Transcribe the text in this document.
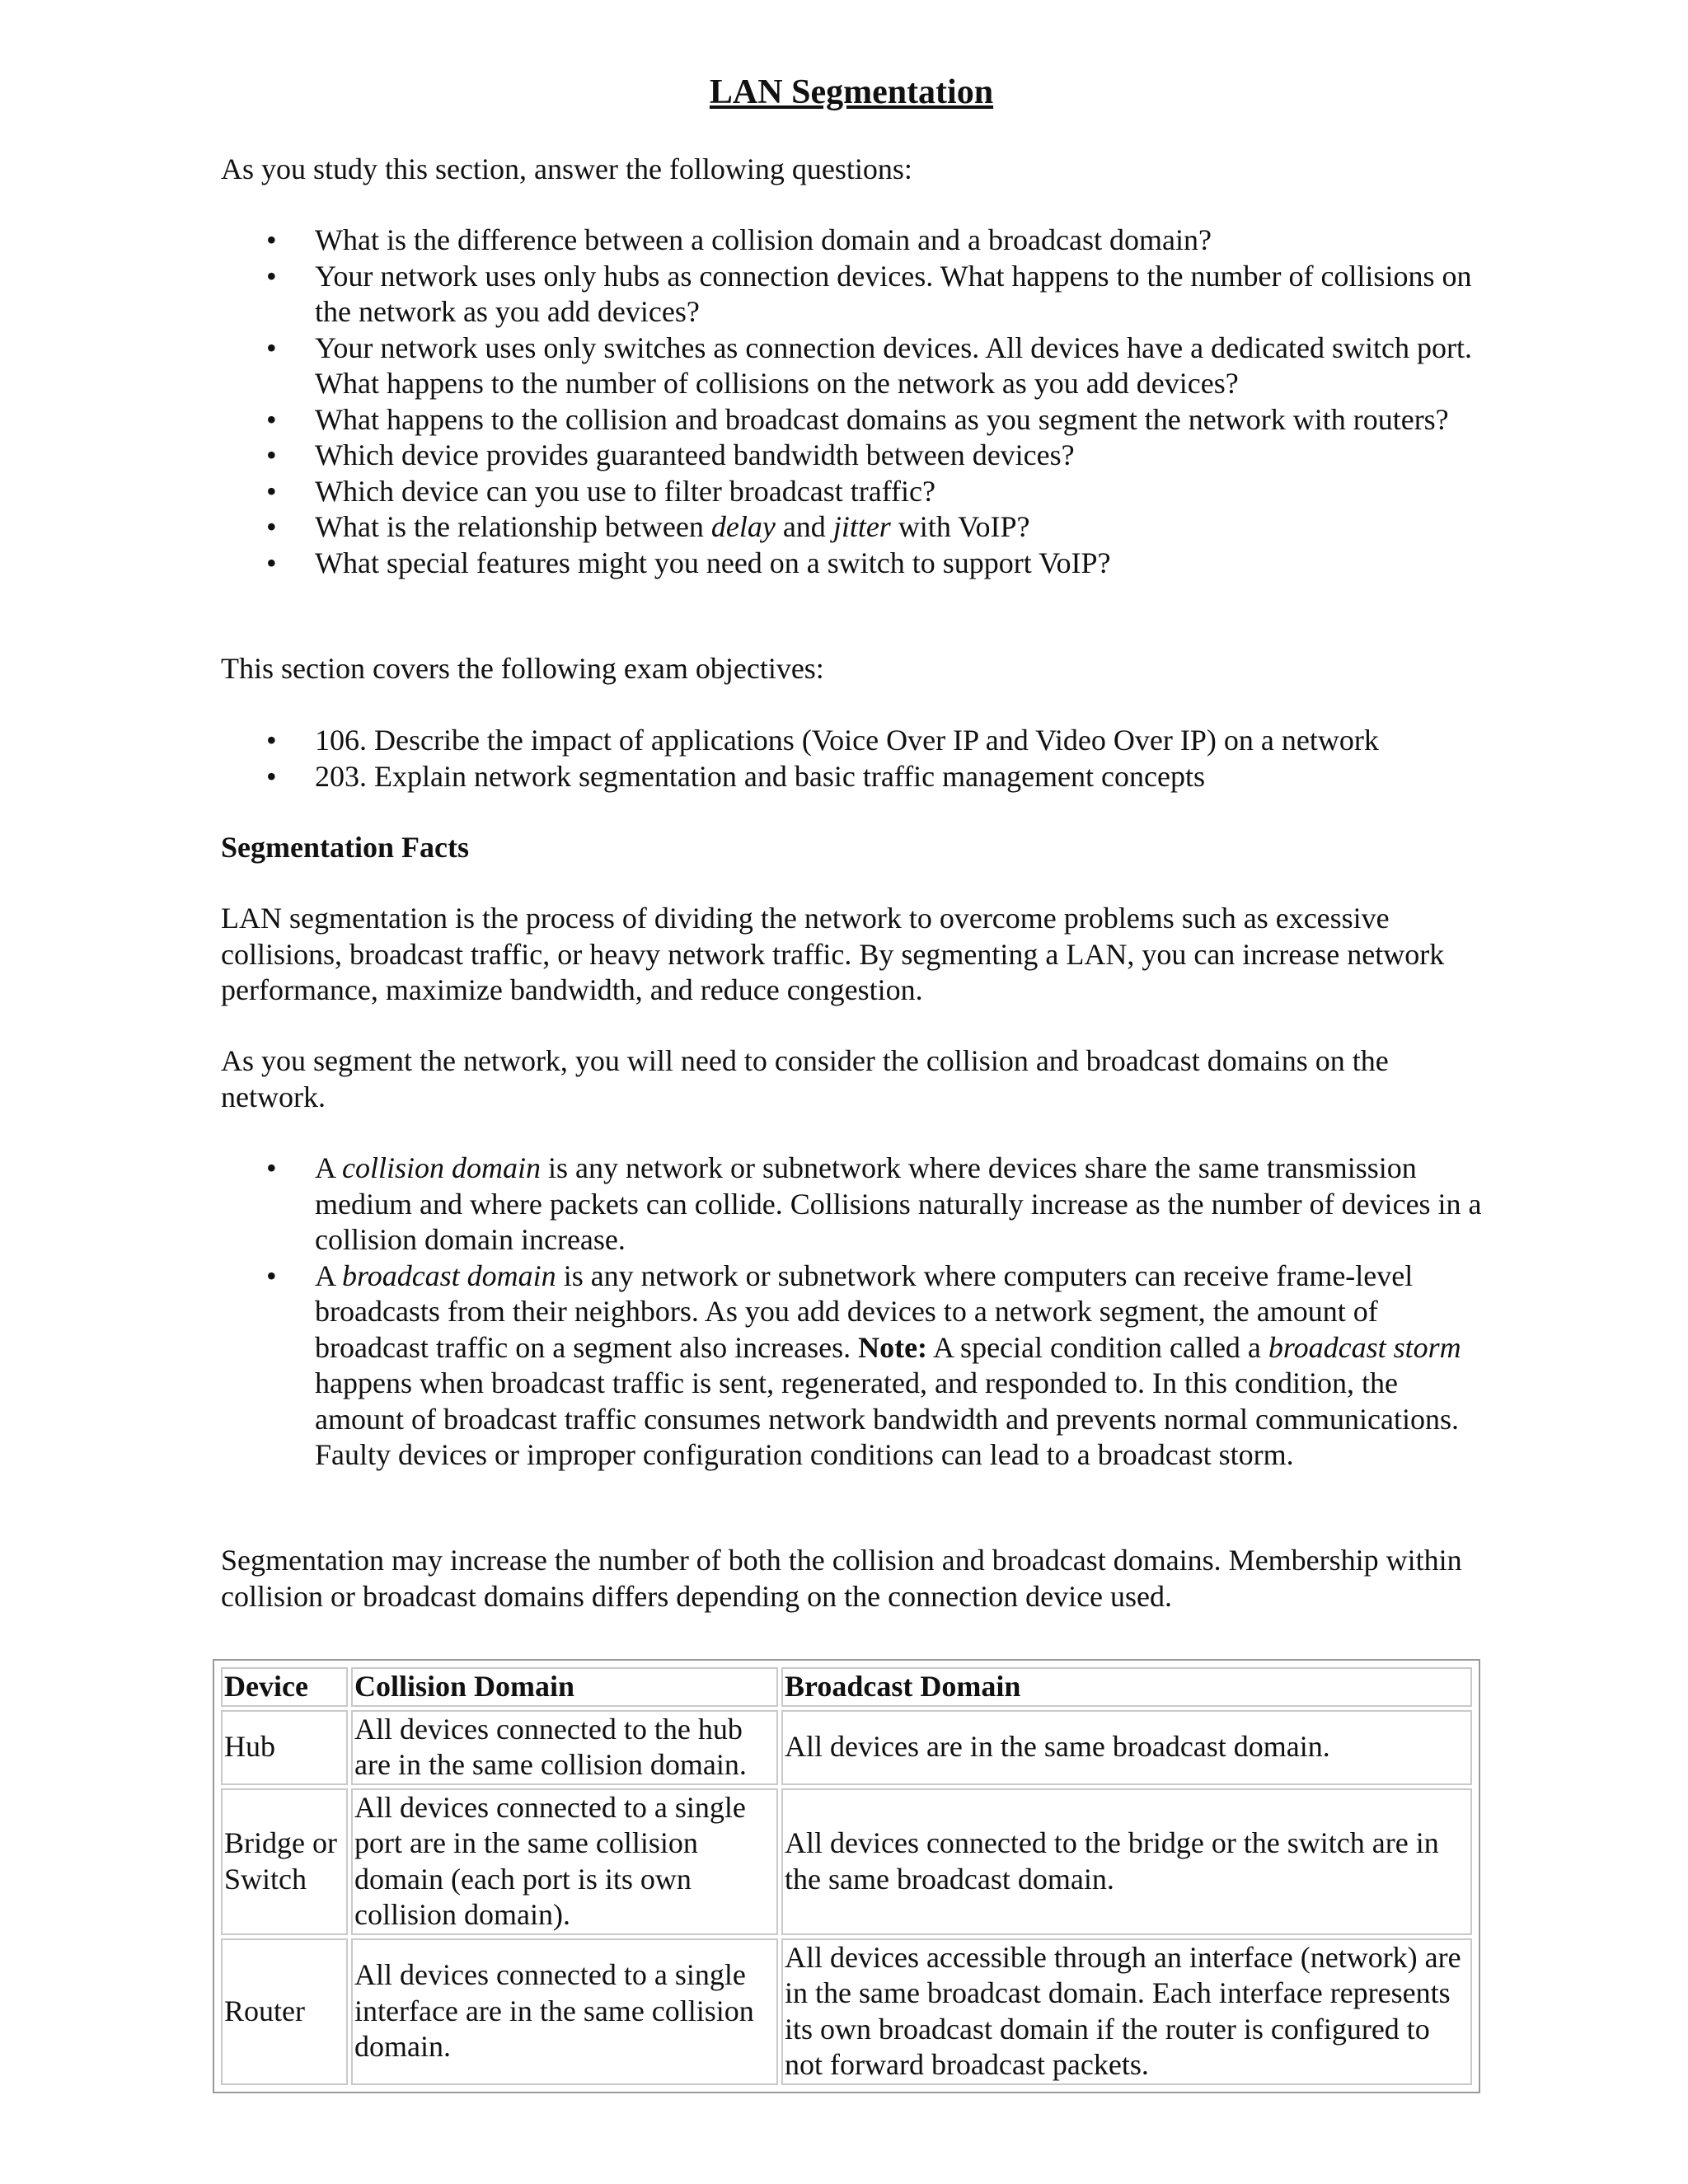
LAN Segmentation

As you study this section, answer the following questions:

• What is the difference between a collision domain and a broadcast domain?
• Your network uses only hubs as connection devices. What happens to the number of collisions on the network as you add devices?
• Your network uses only switches as connection devices. All devices have a dedicated switch port. What happens to the number of collisions on the network as you add devices?
• What happens to the collision and broadcast domains as you segment the network with routers?
• Which device provides guaranteed bandwidth between devices?
• Which device can you use to filter broadcast traffic?
• What is the relationship between delay and jitter with VoIP?
• What special features might you need on a switch to support VoIP?

This section covers the following exam objectives:

• 106. Describe the impact of applications (Voice Over IP and Video Over IP) on a network
• 203. Explain network segmentation and basic traffic management concepts

Segmentation Facts

LAN segmentation is the process of dividing the network to overcome problems such as excessive collisions, broadcast traffic, or heavy network traffic. By segmenting a LAN, you can increase network performance, maximize bandwidth, and reduce congestion.

As you segment the network, you will need to consider the collision and broadcast domains on the network.

• A collision domain is any network or subnetwork where devices share the same transmission medium and where packets can collide. Collisions naturally increase as the number of devices in a collision domain increase.
• A broadcast domain is any network or subnetwork where computers can receive frame-level broadcasts from their neighbors. As you add devices to a network segment, the amount of broadcast traffic on a segment also increases. Note: A special condition called a broadcast storm happens when broadcast traffic is sent, regenerated, and responded to. In this condition, the amount of broadcast traffic consumes network bandwidth and prevents normal communications. Faulty devices or improper configuration conditions can lead to a broadcast storm.

Segmentation may increase the number of both the collision and broadcast domains. Membership within collision or broadcast domains differs depending on the connection device used.

Device	Collision Domain	Broadcast Domain
Hub	All devices connected to the hub are in the same collision domain.	All devices are in the same broadcast domain.
Bridge or Switch	All devices connected to a single port are in the same collision domain (each port is its own collision domain).	All devices connected to the bridge or the switch are in the same broadcast domain.
Router	All devices connected to a single interface are in the same collision domain.	All devices accessible through an interface (network) are in the same broadcast domain. Each interface represents its own broadcast domain if the router is configured to not forward broadcast packets.
